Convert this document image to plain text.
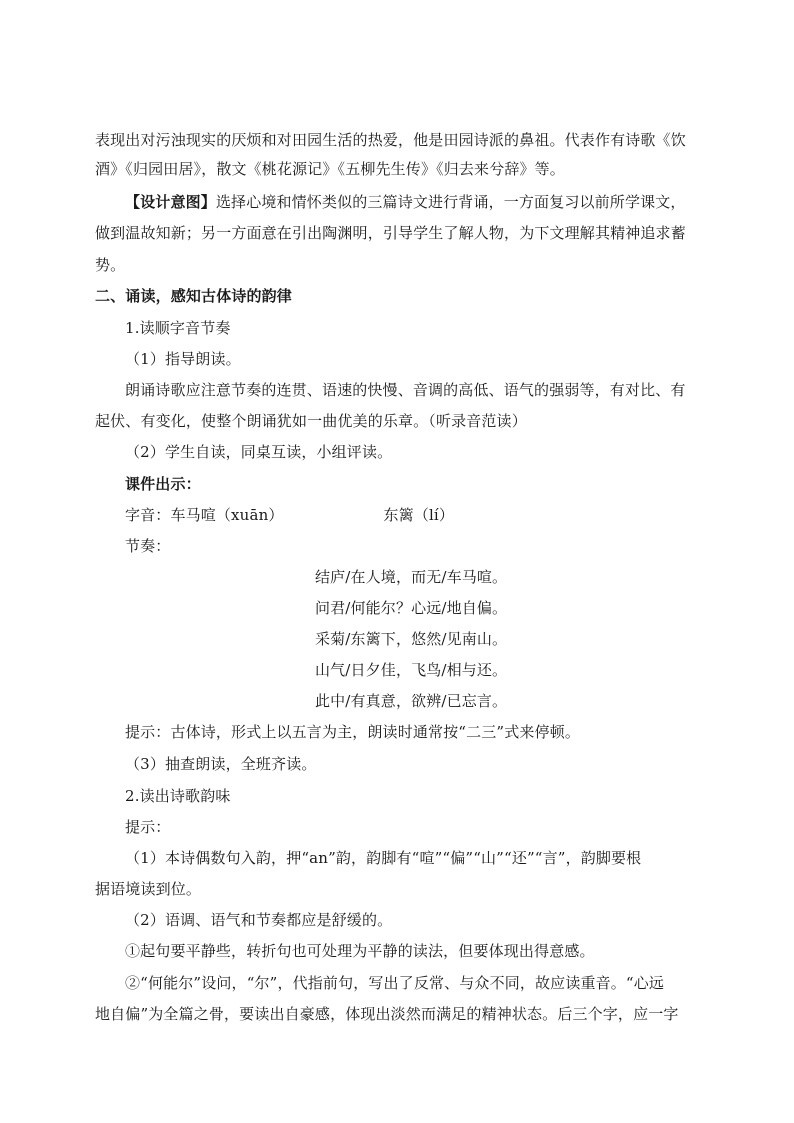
表现出对污浊现实的厌烦和对田园生活的热爱，他是田园诗派的鼻祖。代表作有诗歌《饮
酒》《归园田居》，散文《桃花源记》《五柳先生传》《归去来兮辞》等。
【设计意图】选择心境和情怀类似的三篇诗文进行背诵，一方面复习以前所学课文，
做到温故知新；另一方面意在引出陶渊明，引导学生了解人物，为下文理解其精神追求蓄
势。
二、诵读，感知古体诗的韵律
1.读顺字音节奏
（1）指导朗读。
朗诵诗歌应注意节奏的连贯、语速的快慢、音调的高低、语气的强弱等，有对比、有
起伏、有变化，使整个朗诵犹如一曲优美的乐章。（听录音范读）
（2）学生自读，同桌互读，小组评读。
课件出示：
字音：车马喧（xuān）	东篱（lí）
节奏：
结庐/在人境，而无/车马喧。
问君/何能尔？心远/地自偏。
采菊/东篱下，悠然/见南山。
山气/日夕佳，飞鸟/相与还。
此中/有真意，欲辨/已忘言。
提示：古体诗，形式上以五言为主，朗读时通常按“二三”式来停顿。
（3）抽查朗读，全班齐读。
2.读出诗歌韵味
提示：
（1）本诗偶数句入韵，押“an”韵，韵脚有“喧”“偏”“山”“还”“言”，韵脚要根
据语境读到位。
（2）语调、语气和节奏都应是舒缓的。
①起句要平静些，转折句也可处理为平静的读法，但要体现出得意感。
②“何能尔”设问，“尔”，代指前句，写出了反常、与众不同，故应读重音。“心远
地自偏”为全篇之骨，要读出自豪感，体现出淡然而满足的精神状态。后三个字，应一字
